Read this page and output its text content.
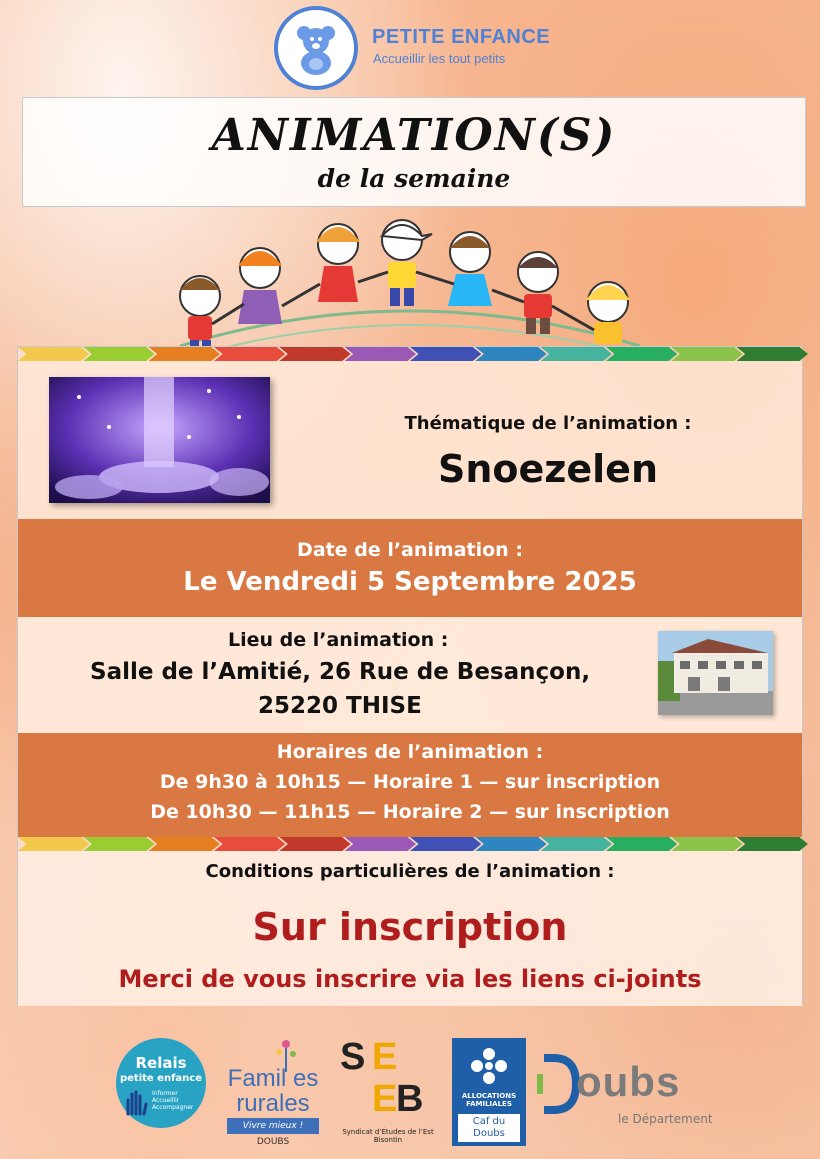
PETITE ENFANCE
Accueillir les tout petits
ANIMATION(S)
de la semaine
Thématique de l’animation :
Snoezelen
Date de l’animation :
Le Vendredi 5 Septembre 2025
Lieu de l’animation :
Salle de l’Amitié, 26 Rue de Besançon,
25220 THISE
Horaires de l’animation :
De 9h30 à 10h15 — Horaire 1 — sur inscription
De 10h30 — 11h15 — Horaire 2 — sur inscription
Conditions particulières de l’animation :
Sur inscription
Merci de vous inscrire via les liens ci-joints
Relais
petite enfance
Informer Accueillir Accompagner
Famil es
rurales
Vivre mieux !
DOUBS
S E
E
B
Syndicat d’Études de l’Est Bisontin
ALLOCATIONS FAMILIALES
Caf du Doubs
oubs
le Département
